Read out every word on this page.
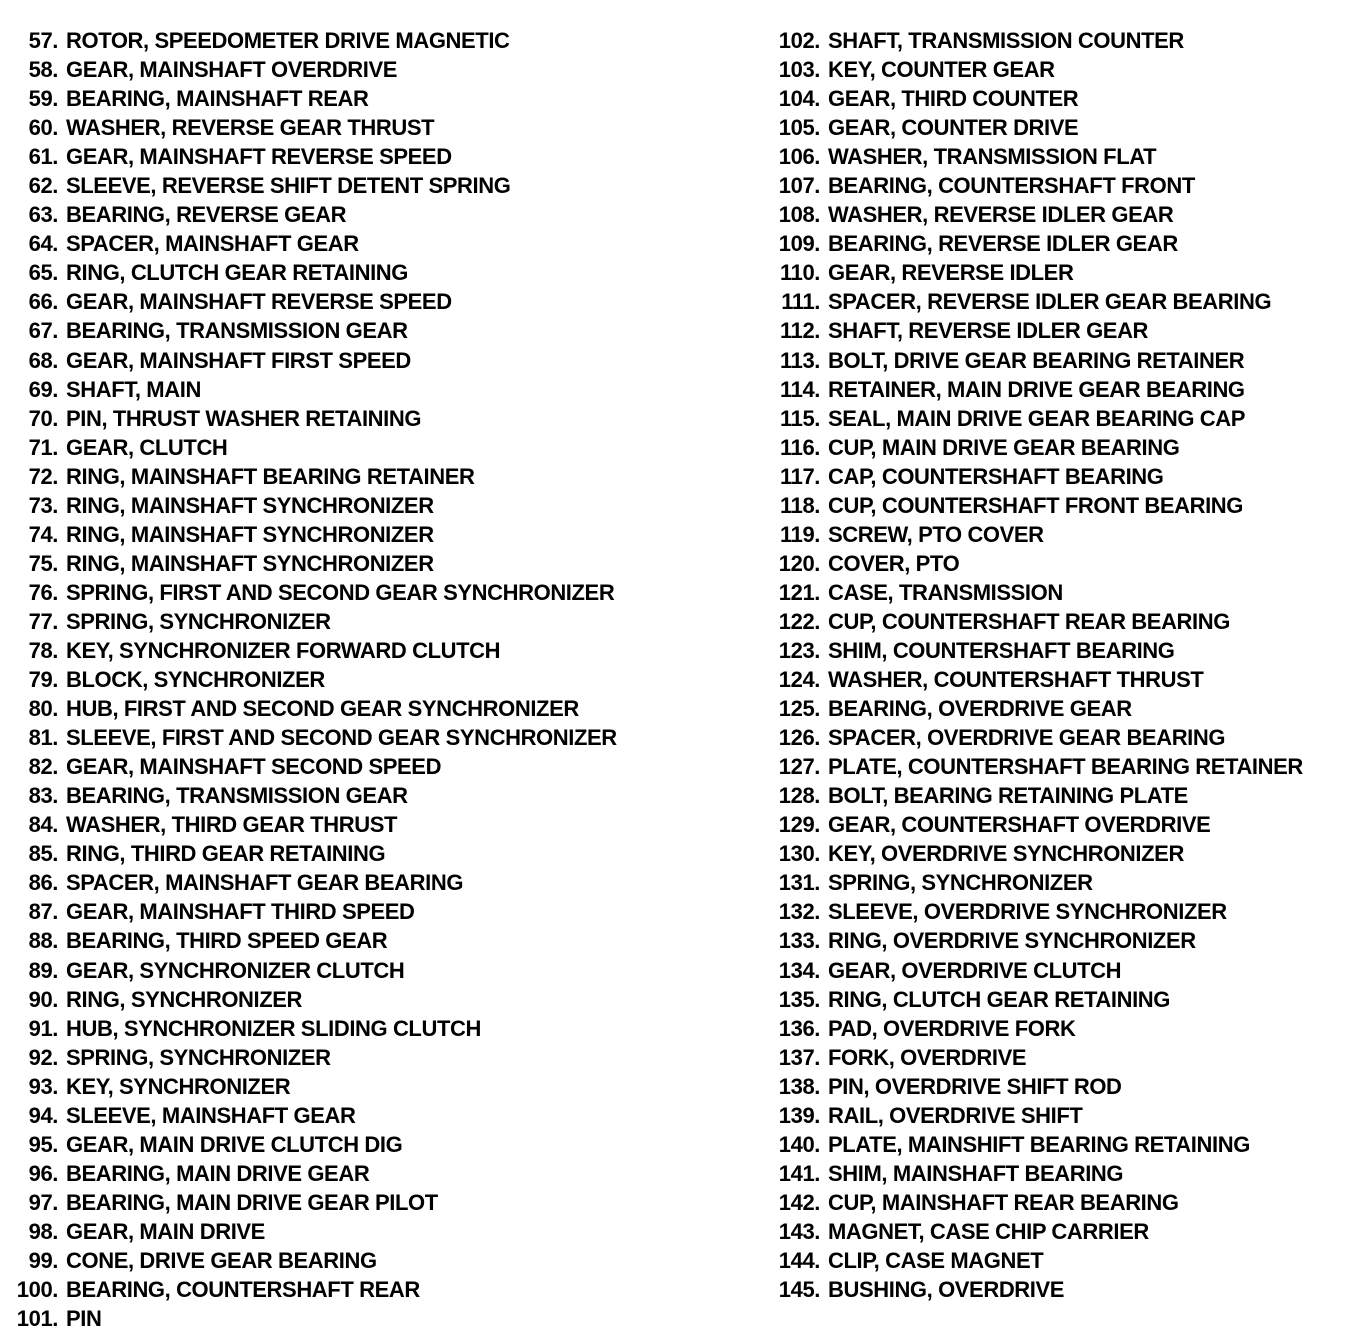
57. ROTOR, SPEEDOMETER DRIVE MAGNETIC
58. GEAR, MAINSHAFT OVERDRIVE
59. BEARING, MAINSHAFT REAR
60. WASHER, REVERSE GEAR THRUST
61. GEAR, MAINSHAFT REVERSE SPEED
62. SLEEVE, REVERSE SHIFT DETENT SPRING
63. BEARING, REVERSE GEAR
64. SPACER, MAINSHAFT GEAR
65. RING, CLUTCH GEAR RETAINING
66. GEAR, MAINSHAFT REVERSE SPEED
67. BEARING, TRANSMISSION GEAR
68. GEAR, MAINSHAFT FIRST SPEED
69. SHAFT, MAIN
70. PIN, THRUST WASHER RETAINING
71. GEAR, CLUTCH
72. RING, MAINSHAFT BEARING RETAINER
73. RING, MAINSHAFT SYNCHRONIZER
74. RING, MAINSHAFT SYNCHRONIZER
75. RING, MAINSHAFT SYNCHRONIZER
76. SPRING, FIRST AND SECOND GEAR SYNCHRONIZER
77. SPRING, SYNCHRONIZER
78. KEY, SYNCHRONIZER FORWARD CLUTCH
79. BLOCK, SYNCHRONIZER
80. HUB, FIRST AND SECOND GEAR SYNCHRONIZER
81. SLEEVE, FIRST AND SECOND GEAR SYNCHRONIZER
82. GEAR, MAINSHAFT SECOND SPEED
83. BEARING, TRANSMISSION GEAR
84. WASHER, THIRD GEAR THRUST
85. RING, THIRD GEAR RETAINING
86. SPACER, MAINSHAFT GEAR BEARING
87. GEAR, MAINSHAFT THIRD SPEED
88. BEARING, THIRD SPEED GEAR
89. GEAR, SYNCHRONIZER CLUTCH
90. RING, SYNCHRONIZER
91. HUB, SYNCHRONIZER SLIDING CLUTCH
92. SPRING, SYNCHRONIZER
93. KEY, SYNCHRONIZER
94. SLEEVE, MAINSHAFT GEAR
95. GEAR, MAIN DRIVE CLUTCH DIG
96. BEARING, MAIN DRIVE GEAR
97. BEARING, MAIN DRIVE GEAR PILOT
98. GEAR, MAIN DRIVE
99. CONE, DRIVE GEAR BEARING
100. BEARING, COUNTERSHAFT REAR
101. PIN
102. SHAFT, TRANSMISSION COUNTER
103. KEY, COUNTER GEAR
104. GEAR, THIRD COUNTER
105. GEAR, COUNTER DRIVE
106. WASHER, TRANSMISSION FLAT
107. BEARING, COUNTERSHAFT FRONT
108. WASHER, REVERSE IDLER GEAR
109. BEARING, REVERSE IDLER GEAR
110. GEAR, REVERSE IDLER
111. SPACER, REVERSE IDLER GEAR BEARING
112. SHAFT, REVERSE IDLER GEAR
113. BOLT, DRIVE GEAR BEARING RETAINER
114. RETAINER, MAIN DRIVE GEAR BEARING
115. SEAL, MAIN DRIVE GEAR BEARING CAP
116. CUP, MAIN DRIVE GEAR BEARING
117. CAP, COUNTERSHAFT BEARING
118. CUP, COUNTERSHAFT FRONT BEARING
119. SCREW, PTO COVER
120. COVER, PTO
121. CASE, TRANSMISSION
122. CUP, COUNTERSHAFT REAR BEARING
123. SHIM, COUNTERSHAFT BEARING
124. WASHER, COUNTERSHAFT THRUST
125. BEARING, OVERDRIVE GEAR
126. SPACER, OVERDRIVE GEAR BEARING
127. PLATE, COUNTERSHAFT BEARING RETAINER
128. BOLT, BEARING RETAINING PLATE
129. GEAR, COUNTERSHAFT OVERDRIVE
130. KEY, OVERDRIVE SYNCHRONIZER
131. SPRING, SYNCHRONIZER
132. SLEEVE, OVERDRIVE SYNCHRONIZER
133. RING, OVERDRIVE SYNCHRONIZER
134. GEAR, OVERDRIVE CLUTCH
135. RING, CLUTCH GEAR RETAINING
136. PAD, OVERDRIVE FORK
137. FORK, OVERDRIVE
138. PIN, OVERDRIVE SHIFT ROD
139. RAIL, OVERDRIVE SHIFT
140. PLATE, MAINSHIFT BEARING RETAINING
141. SHIM, MAINSHAFT BEARING
142. CUP, MAINSHAFT REAR BEARING
143. MAGNET, CASE CHIP CARRIER
144. CLIP, CASE MAGNET
145. BUSHING, OVERDRIVE
